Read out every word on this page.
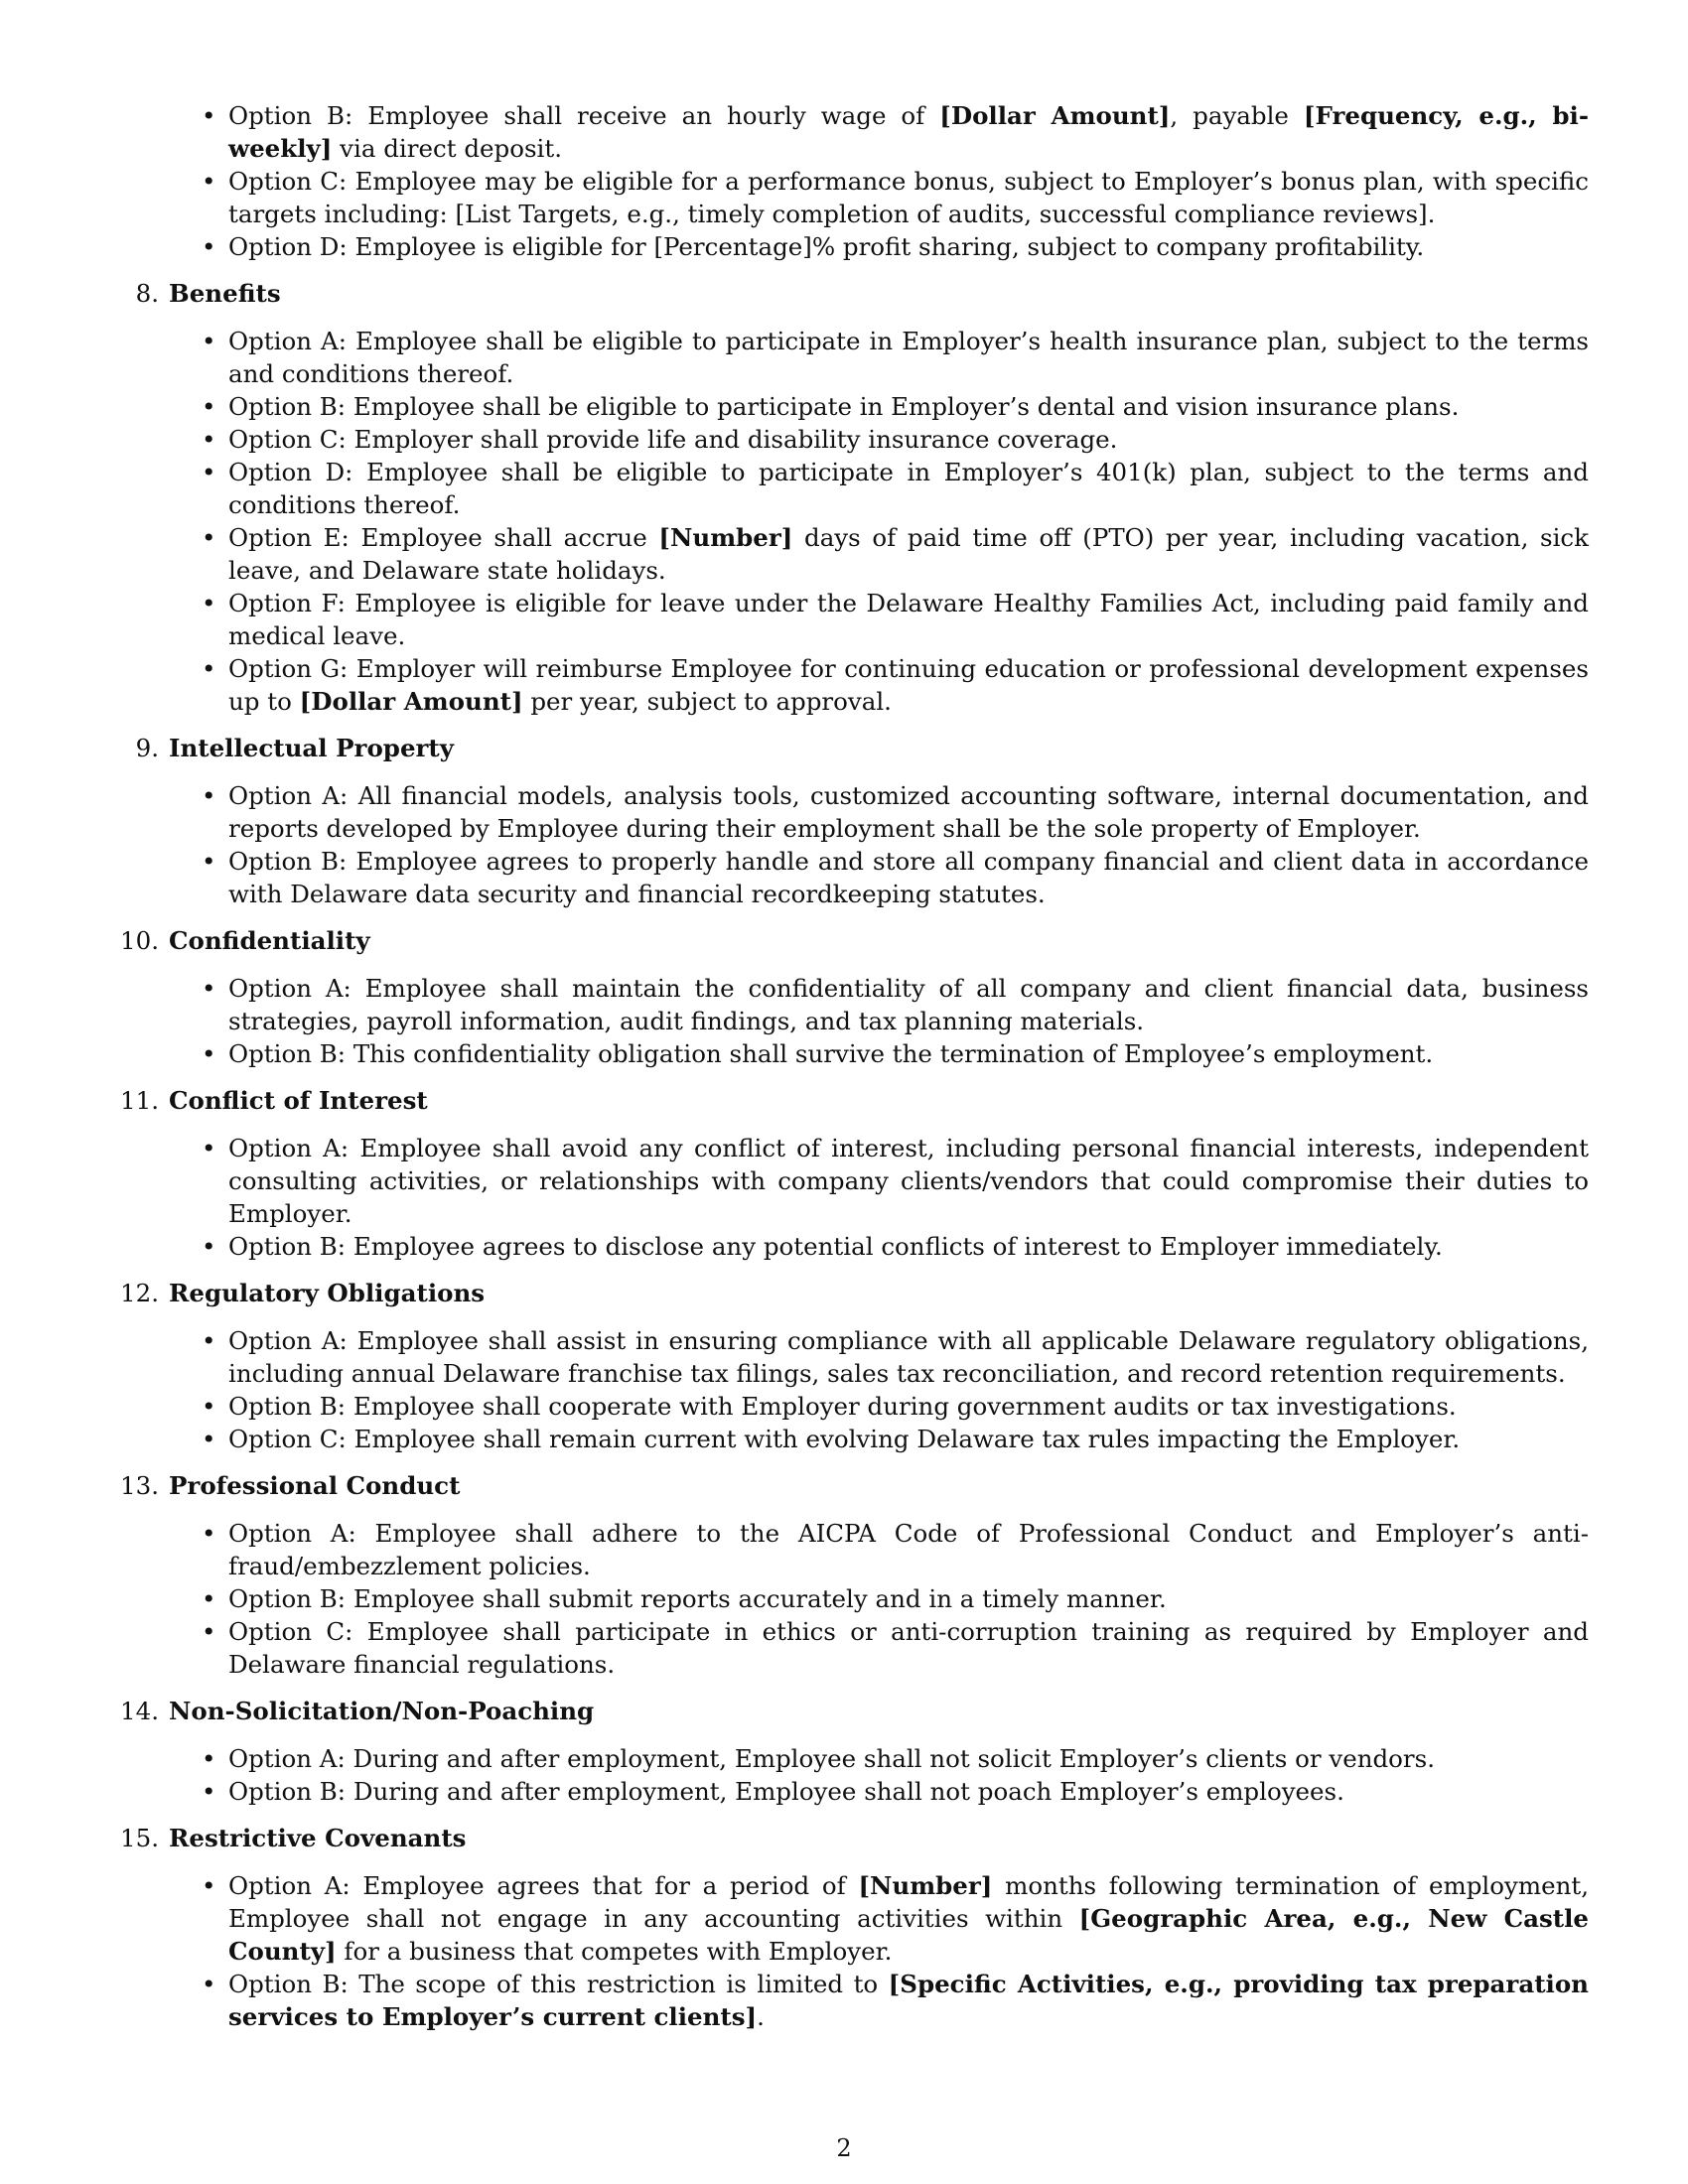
• Option B: Employee shall receive an hourly wage of [Dollar Amount], payable [Frequency, e.g., bi-weekly] via direct deposit.
• Option C: Employee may be eligible for a performance bonus, subject to Employer’s bonus plan, with specific targets including: [List Targets, e.g., timely completion of audits, successful compliance reviews].
• Option D: Employee is eligible for [Percentage]% profit sharing, subject to company profitability.
8. Benefits
• Option A: Employee shall be eligible to participate in Employer’s health insurance plan, subject to the terms and conditions thereof.
• Option B: Employee shall be eligible to participate in Employer’s dental and vision insurance plans.
• Option C: Employer shall provide life and disability insurance coverage.
• Option D: Employee shall be eligible to participate in Employer’s 401(k) plan, subject to the terms and conditions thereof.
• Option E: Employee shall accrue [Number] days of paid time off (PTO) per year, including vacation, sick leave, and Delaware state holidays.
• Option F: Employee is eligible for leave under the Delaware Healthy Families Act, including paid family and medical leave.
• Option G: Employer will reimburse Employee for continuing education or professional development expenses up to [Dollar Amount] per year, subject to approval.
9. Intellectual Property
• Option A: All financial models, analysis tools, customized accounting software, internal documentation, and reports developed by Employee during their employment shall be the sole property of Employer.
• Option B: Employee agrees to properly handle and store all company financial and client data in accordance with Delaware data security and financial recordkeeping statutes.
10. Confidentiality
• Option A: Employee shall maintain the confidentiality of all company and client financial data, business strategies, payroll information, audit findings, and tax planning materials.
• Option B: This confidentiality obligation shall survive the termination of Employee’s employment.
11. Conflict of Interest
• Option A: Employee shall avoid any conflict of interest, including personal financial interests, independent consulting activities, or relationships with company clients/vendors that could compromise their duties to Employer.
• Option B: Employee agrees to disclose any potential conflicts of interest to Employer immediately.
12. Regulatory Obligations
• Option A: Employee shall assist in ensuring compliance with all applicable Delaware regulatory obligations, including annual Delaware franchise tax filings, sales tax reconciliation, and record retention requirements.
• Option B: Employee shall cooperate with Employer during government audits or tax investigations.
• Option C: Employee shall remain current with evolving Delaware tax rules impacting the Employer.
13. Professional Conduct
• Option A: Employee shall adhere to the AICPA Code of Professional Conduct and Employer’s anti-fraud/embezzlement policies.
• Option B: Employee shall submit reports accurately and in a timely manner.
• Option C: Employee shall participate in ethics or anti-corruption training as required by Employer and Delaware financial regulations.
14. Non-Solicitation/Non-Poaching
• Option A: During and after employment, Employee shall not solicit Employer’s clients or vendors.
• Option B: During and after employment, Employee shall not poach Employer’s employees.
15. Restrictive Covenants
• Option A: Employee agrees that for a period of [Number] months following termination of employment, Employee shall not engage in any accounting activities within [Geographic Area, e.g., New Castle County] for a business that competes with Employer.
• Option B: The scope of this restriction is limited to [Specific Activities, e.g., providing tax preparation services to Employer’s current clients].
2
